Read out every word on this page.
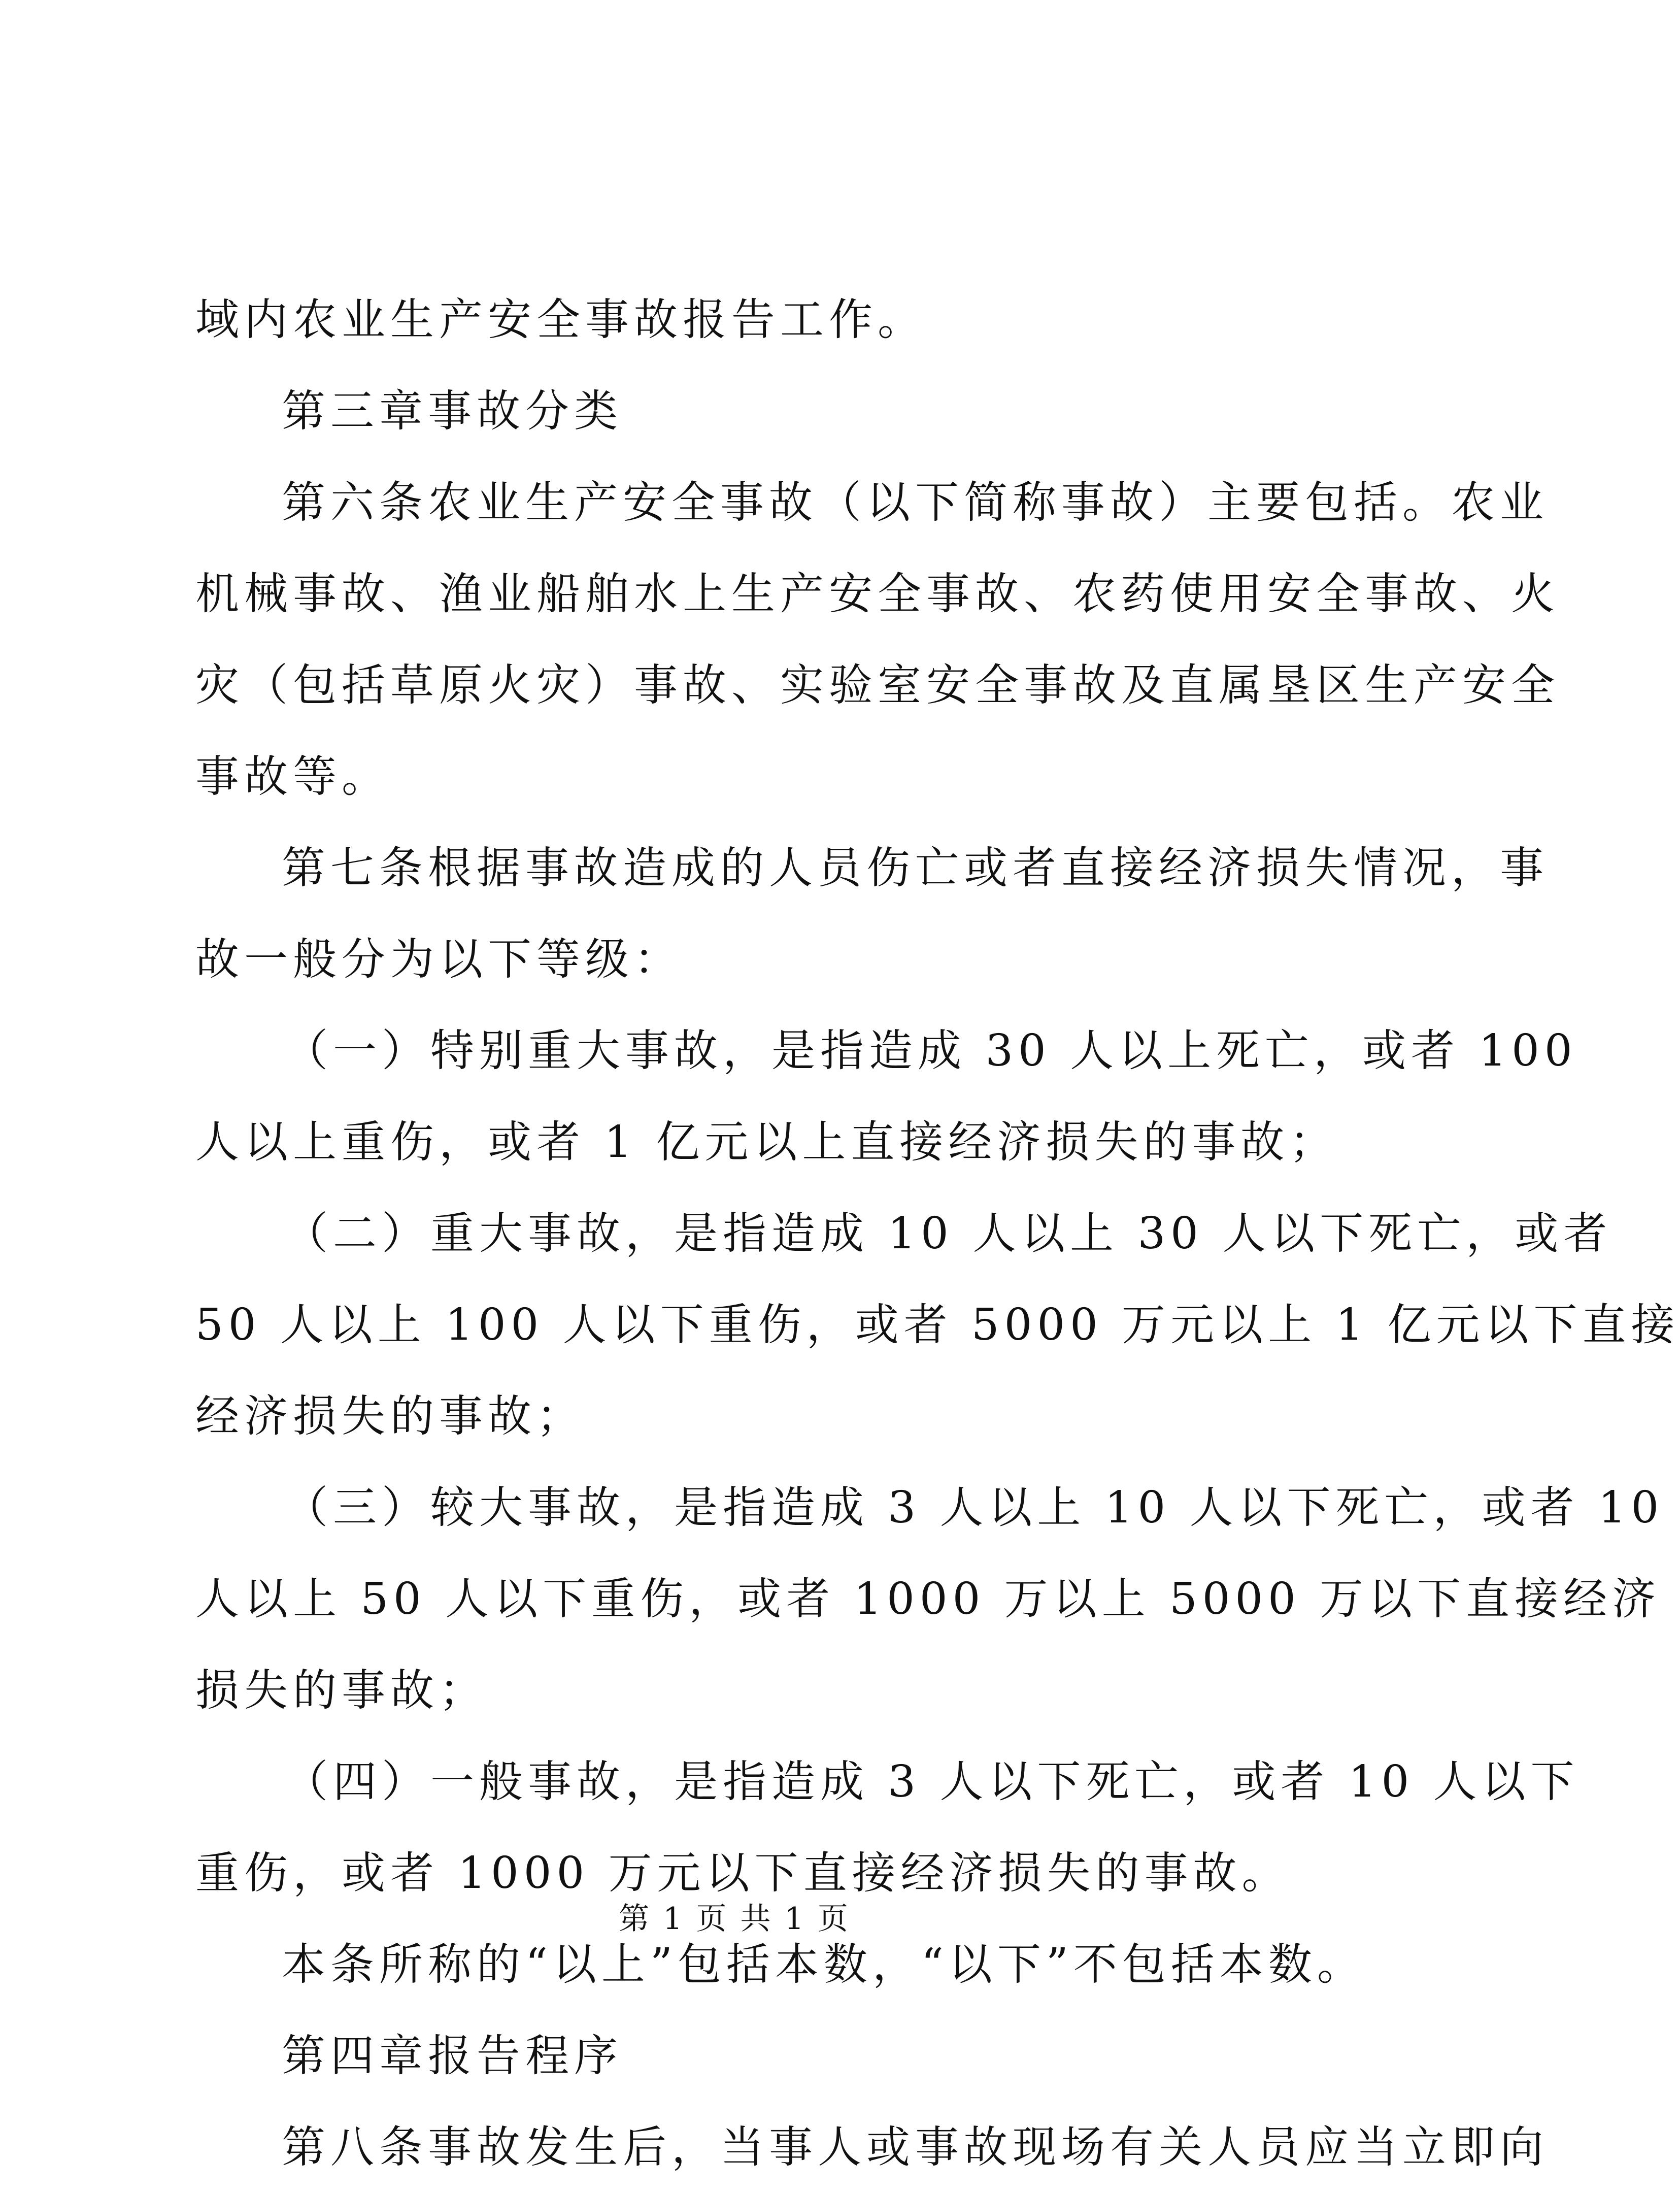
域内农业生产安全事故报告工作。
第三章事故分类
第六条农业生产安全事故（以下简称事故）主要包括。农业
机械事故、渔业船舶水上生产安全事故、农药使用安全事故、火
灾（包括草原火灾）事故、实验室安全事故及直属垦区生产安全
事故等。
第七条根据事故造成的人员伤亡或者直接经济损失情况，事
故一般分为以下等级：
（一）特别重大事故，是指造成 30 人以上死亡，或者 100
人以上重伤，或者 1 亿元以上直接经济损失的事故；
（二）重大事故，是指造成 10 人以上 30 人以下死亡，或者
50 人以上 100 人以下重伤，或者 5000 万元以上 1 亿元以下直接
经济损失的事故；
（三）较大事故，是指造成 3 人以上 10 人以下死亡，或者 10
人以上 50 人以下重伤，或者 1000 万以上 5000 万以下直接经济
损失的事故；
（四）一般事故，是指造成 3 人以下死亡，或者 10 人以下
重伤，或者 1000 万元以下直接经济损失的事故。
本条所称的“以上”包括本数，“以下”不包括本数。
第四章报告程序
第八条事故发生后，当事人或事故现场有关人员应当立即向
第 1 页 共 1 页
